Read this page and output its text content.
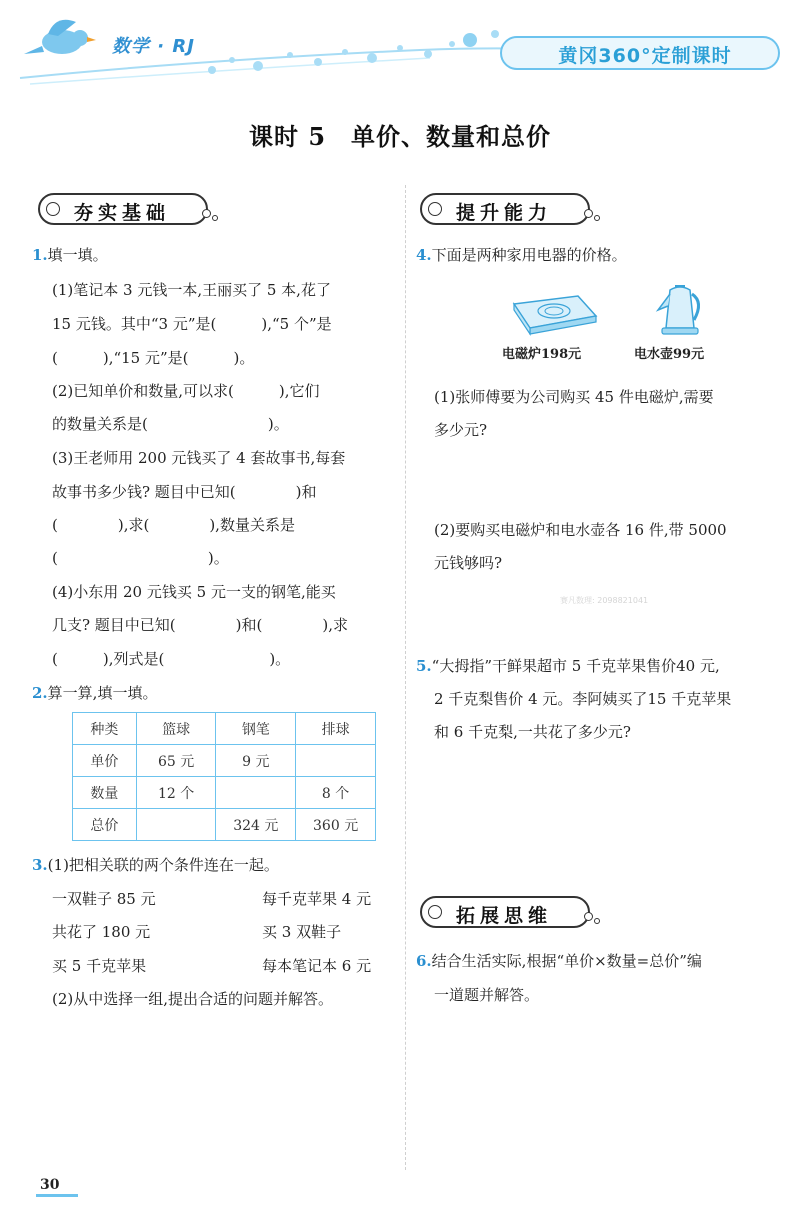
数学 · RJ	黄冈360°定制课时
课时 5　单价、数量和总价
夯实基础
1.填一填。
(1)笔记本 3 元钱一本,王丽买了 5 本,花了
15 元钱。其中“3 元”是(　　　),“5 个”是
(　　　),“15 元”是(　　　)。
(2)已知单价和数量,可以求(　　　),它们
的数量关系是(　　　　　　　　)。
(3)王老师用 200 元钱买了 4 套故事书,每套
故事书多少钱? 题目中已知(　　　　)和
(　　　　),求(　　　　),数量关系是
(　　　　　　　　　　)。
(4)小东用 20 元钱买 5 元一支的钢笔,能买
几支? 题目中已知(　　　　)和(　　　　),求
(　　　),列式是(　　　　　　　)。
2.算一算,填一填。
种类	篮球	钢笔	排球
单价	65 元	9 元	
数量	12 个		8 个
总价		324 元	360 元
3.(1)把相关联的两个条件连在一起。
一双鞋子 85 元	每千克苹果 4 元
共花了 180 元	买 3 双鞋子
买 5 千克苹果	每本笔记本 6 元
(2)从中选择一组,提出合适的问题并解答。
提升能力
4.下面是两种家用电器的价格。
电磁炉198元	电水壶99元
(1)张师傅要为公司购买 45 件电磁炉,需要
多少元?
(2)要购买电磁炉和电水壶各 16 件,带 5000
元钱够吗?
赛凡数理: 2098821041
5.“大拇指”干鲜果超市 5 千克苹果售价40 元,
2 千克梨售价 4 元。李阿姨买了15 千克苹果
和 6 千克梨,一共花了多少元?
拓展思维
6.结合生活实际,根据“单价×数量=总价”编
一道题并解答。
30
